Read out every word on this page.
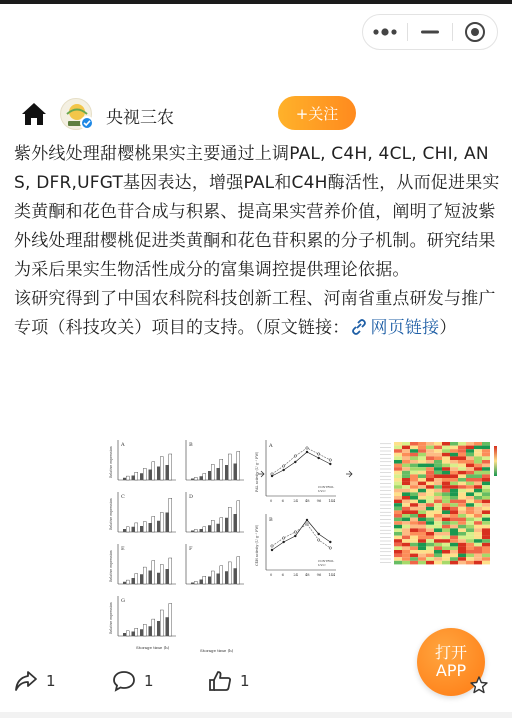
央视三农	+关注

紫外线处理甜樱桃果实主要通过上调PAL, C4H, 4CL, CHI, ANS, DFR,UFGT基因表达，增强PAL和C4H酶活性，从而促进果实类黄酮和花色苷合成与积累、提高果实营养价值，阐明了短波紫外线处理甜樱桃促进类黄酮和花色苷积累的分子机制。研究结果为采后果实生物活性成分的富集调控提供理论依据。

该研究得到了中国农科院科技创新工程、河南省重点研发与推广专项（科技攻关）项目的支持。（原文链接： 网页链接）

A
Relative expression
B
C
Relative expression
D
E
Relative expression
F
G
Relative expression
Storage time (h)
Storage time (h)
A
PAL activity (U g⁻¹ FW)
0	6	24 48 96 144
CONTROL
UV-C
B
C4H activity (U g⁻¹ FW)
0	6	24 48 96 144
CONTROL
UV-C
1	1	1
打开
APP
